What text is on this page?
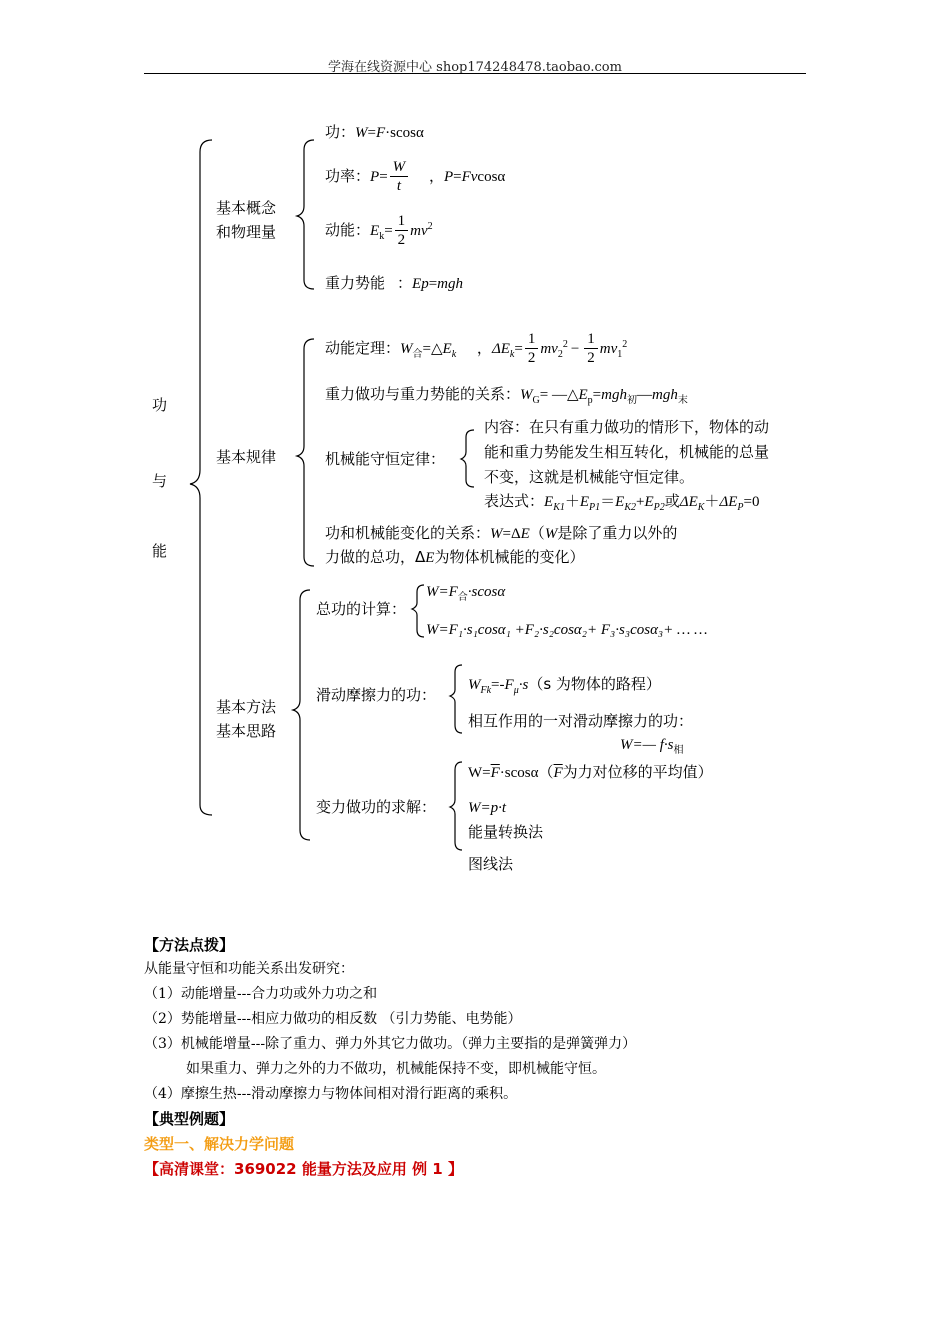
学海在线资源中心 shop174248478.taobao.com
功
与
能
基本概念
和物理量
功：W=F·scosα
功率：$P= \frac{W}{t}$ ，P=Fvcosα
动能：$E_k= \frac{1}{2} mv^2$
重力势能 ：Ep=mgh
基本规律
动能定理：$W_合=\triangle E_k$ ，$\Delta E_k= \frac{1}{2} mv_2^2 - \frac{1}{2} mv_1^2$
重力做功与重力势能的关系：$W_G=$ $—\triangle E_p=mgh_初—mgh_末$
机械能守恒定律：
内容：在只有重力做功的情形下，物体的动
能和重力势能发生相互转化，机械能的总量
不变，这就是机械能守恒定律。
表达式：$E_{K1}+E_{P1}=E_{K2}+E_{P2}$或$\Delta E_K+\Delta E_P=0$
功和机械能变化的关系：W=ΔE（W是除了重力以外的
力做的总功，ΔE为物体机械能的变化）
基本方法
基本思路
总功的计算：
$W=F_合\cdot scos\alpha$
W=F₁·s₁cosα₁ +F₂·s₂cosα₂+ F₃·s₃cosα₃+ … …
滑动摩擦力的功：
$W_{Fk}=-F_\mu\cdot s(s$ 为物体的路程）
相互作用的一对滑动摩擦力的功：
W=— $f\cdot s_相$
变力做功的求解：
$W=\overline{F}\cdot scos\alpha(\overline{F}$为力对位移的平均值）
W=p·t
能量转换法
图线法
【方法点拨】
从能量守恒和功能关系出发研究：
（1）动能增量---合力功或外力功之和
（2）势能增量---相应力做功的相反数 （引力势能、电势能）
（3）机械能增量---除了重力、弹力外其它力做功。（弹力主要指的是弹簧弹力）
如果重力、弹力之外的力不做功，机械能保持不变，即机械能守恒。
（4）摩擦生热---滑动摩擦力与物体间相对滑行距离的乘积。
【典型例题】
类型一、解决力学问题
【高清课堂：369022 能量方法及应用 例 1 】
